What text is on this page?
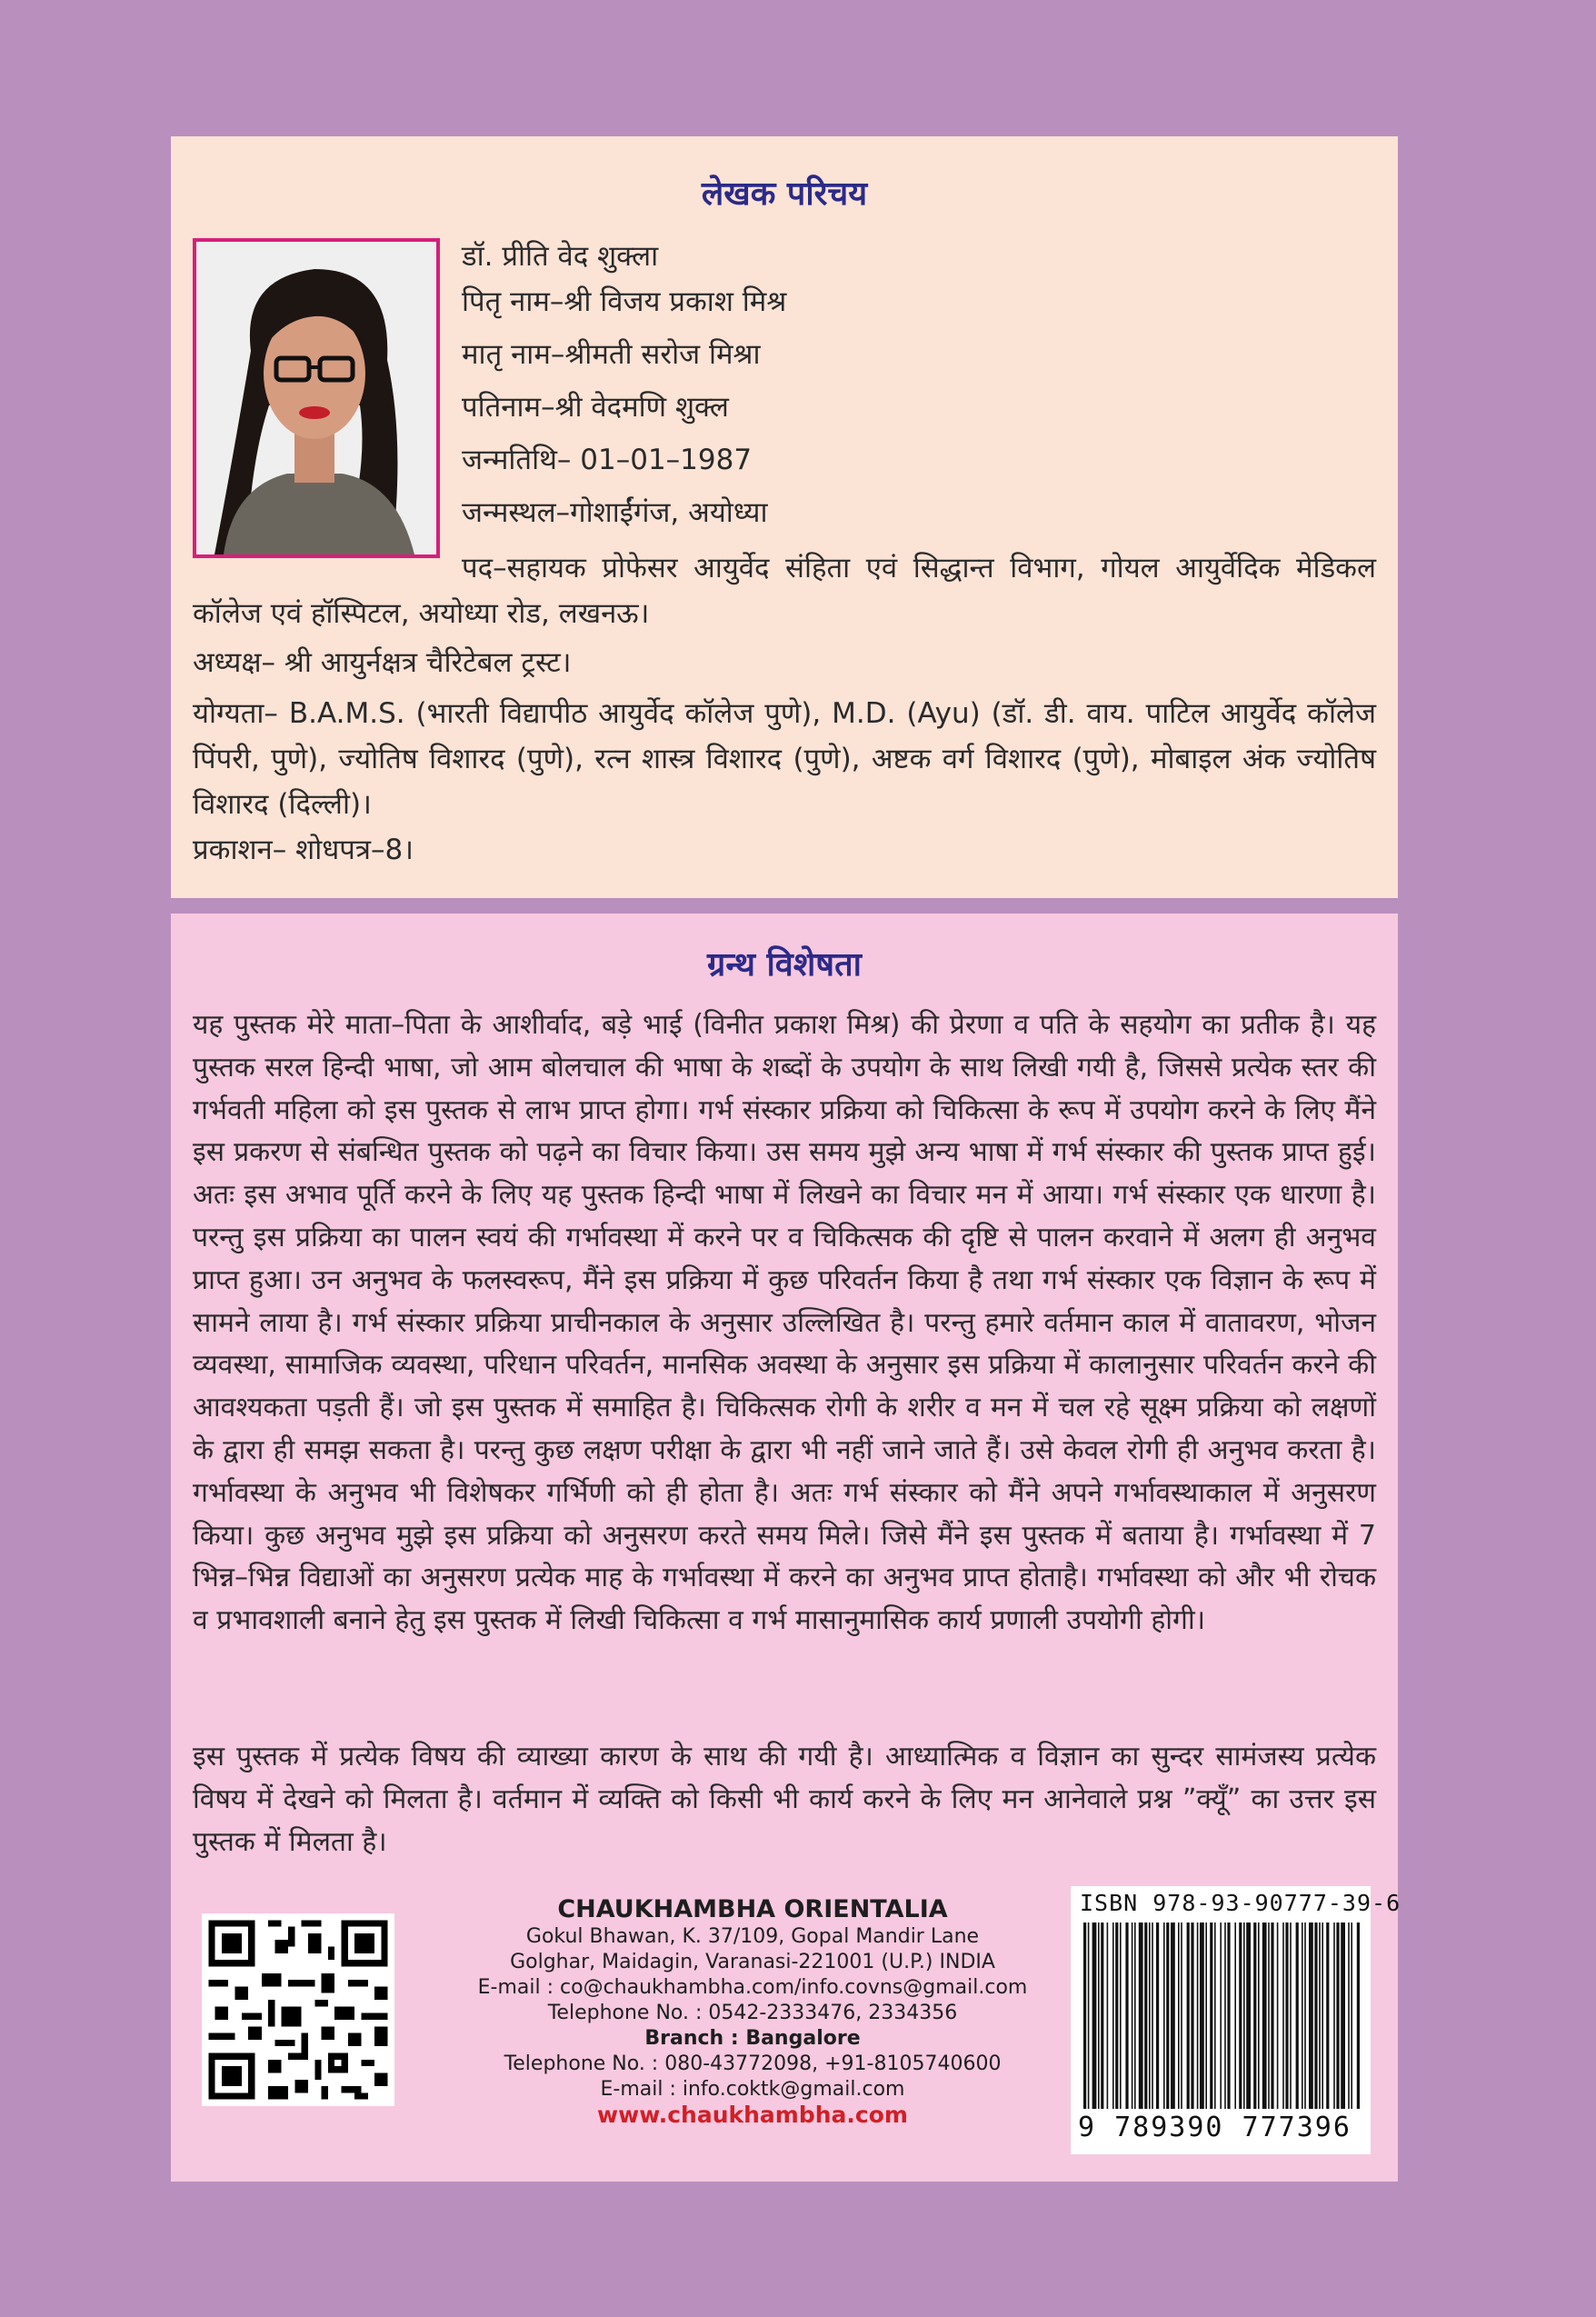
लेखक परिचय
डॉ. प्रीति वेद शुक्ला
पितृ नाम–श्री विजय प्रकाश मिश्र
मातृ नाम–श्रीमती सरोज मिश्रा
पतिनाम–श्री वेदमणि शुक्ल
जन्मतिथि– 01–01–1987
जन्मस्थल–गोशाईंगंज, अयोध्या
पद–सहायक प्रोफेसर आयुर्वेद संहिता एवं सिद्धान्त विभाग, गोयल आयुर्वेदिक मेडिकल कॉलेज एवं हॉस्पिटल, अयोध्या रोड, लखनऊ।
अध्यक्ष– श्री आयुर्नक्षत्र चैरिटेबल ट्रस्ट।
योग्यता– B.A.M.S. (भारती विद्यापीठ आयुर्वेद कॉलेज पुणे), M.D. (Ayu) (डॉ. डी. वाय. पाटिल आयुर्वेद कॉलेज पिंपरी, पुणे), ज्योतिष विशारद (पुणे), रत्न शास्त्र विशारद (पुणे), अष्टक वर्ग विशारद (पुणे), मोबाइल अंक ज्योतिष विशारद (दिल्ली)।
प्रकाशन– शोधपत्र–8।
ग्रन्थ विशेषता
यह पुस्तक मेरे माता–पिता के आशीर्वाद, बड़े भाई (विनीत प्रकाश मिश्र) की प्रेरणा व पति के सहयोग का प्रतीक है। यह पुस्तक सरल हिन्दी भाषा, जो आम बोलचाल की भाषा के शब्दों के उपयोग के साथ लिखी गयी है, जिससे प्रत्येक स्तर की गर्भवती महिला को इस पुस्तक से लाभ प्राप्त होगा। गर्भ संस्कार प्रक्रिया को चिकित्सा के रूप में उपयोग करने के लिए मैंने इस प्रकरण से संबन्धित पुस्तक को पढ़ने का विचार किया। उस समय मुझे अन्य भाषा में गर्भ संस्कार की पुस्तक प्राप्त हुई। अतः इस अभाव पूर्ति करने के लिए यह पुस्तक हिन्दी भाषा में लिखने का विचार मन में आया। गर्भ संस्कार एक धारणा है। परन्तु इस प्रक्रिया का पालन स्वयं की गर्भावस्था में करने पर व चिकित्सक की दृष्टि से पालन करवाने में अलग ही अनुभव प्राप्त हुआ। उन अनुभव के फलस्वरूप, मैंने इस प्रक्रिया में कुछ परिवर्तन किया है तथा गर्भ संस्कार एक विज्ञान के रूप में सामने लाया है। गर्भ संस्कार प्रक्रिया प्राचीनकाल के अनुसार उल्लिखित है। परन्तु हमारे वर्तमान काल में वातावरण, भोजन व्यवस्था, सामाजिक व्यवस्था, परिधान परिवर्तन, मानसिक अवस्था के अनुसार इस प्रक्रिया में कालानुसार परिवर्तन करने की आवश्यकता पड़ती हैं। जो इस पुस्तक में समाहित है। चिकित्सक रोगी के शरीर व मन में चल रहे सूक्ष्म प्रक्रिया को लक्षणों के द्वारा ही समझ सकता है। परन्तु कुछ लक्षण परीक्षा के द्वारा भी नहीं जाने जाते हैं। उसे केवल रोगी ही अनुभव करता है। गर्भावस्था के अनुभव भी विशेषकर गर्भिणी को ही होता है। अतः गर्भ संस्कार को मैंने अपने गर्भावस्थाकाल में अनुसरण किया। कुछ अनुभव मुझे इस प्रक्रिया को अनुसरण करते समय मिले। जिसे मैंने इस पुस्तक में बताया है। गर्भावस्था में 7 भिन्न–भिन्न विद्याओं का अनुसरण प्रत्येक माह के गर्भावस्था में करने का अनुभव प्राप्त होताहै। गर्भावस्था को और भी रोचक व प्रभावशाली बनाने हेतु इस पुस्तक में लिखी चिकित्सा व गर्भ मासानुमासिक कार्य प्रणाली उपयोगी होगी।
इस पुस्तक में प्रत्येक विषय की व्याख्या कारण के साथ की गयी है। आध्यात्मिक व विज्ञान का सुन्दर सामंजस्य प्रत्येक विषय में देखने को मिलता है। वर्तमान में व्यक्ति को किसी भी कार्य करने के लिए मन आनेवाले प्रश्न ”क्यूँ” का उत्तर इस पुस्तक में मिलता है।
CHAUKHAMBHA ORIENTALIA
Gokul Bhawan, K. 37/109, Gopal Mandir Lane
Golghar, Maidagin, Varanasi-221001 (U.P.) INDIA
E-mail : co@chaukhambha.com/info.covns@gmail.com
Telephone No. : 0542-2333476, 2334356
Branch : Bangalore
Telephone No. : 080-43772098, +91-8105740600
E-mail : info.coktk@gmail.com
www.chaukhambha.com
ISBN 978-93-90777-39-6
9 789390 777396
